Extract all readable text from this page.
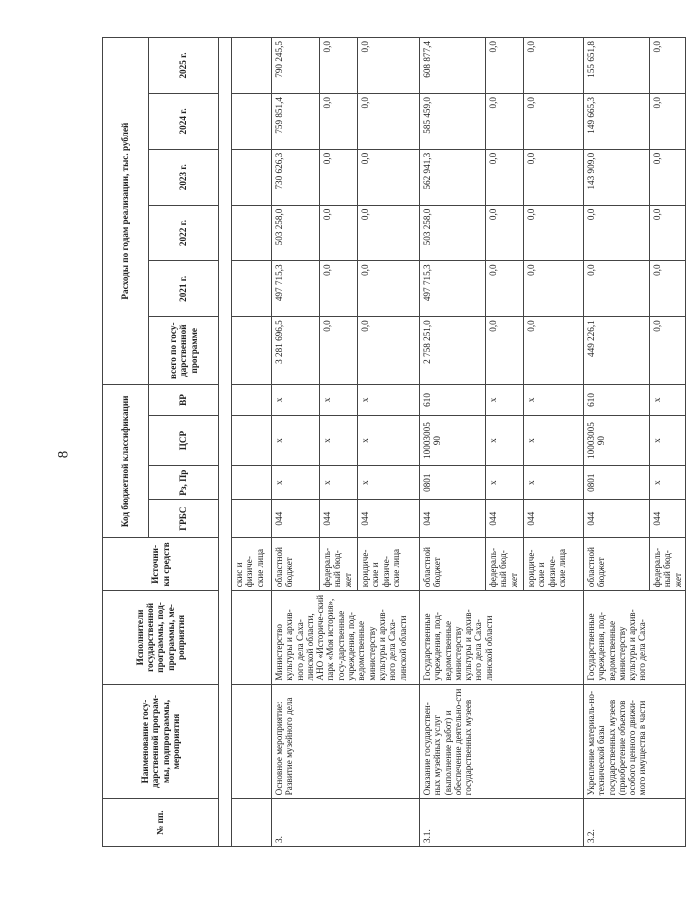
8
№ пп.	Наименование госу-дарственной програм-мы, подпрограммы, мероприятия	Исполнители государственной программы, под-программы, ме-роприятия	Источни-ки средств	Код бюджетной классификации				Расходы по годам реализации, тыс. рублей					
				ГРБС	Рз, Пр	ЦСР	ВР	всего по госу-дарственной программе	2021 г.	2022 г.	2023 г.	2024 г.	2025 г.

			скис и физиче-ские лица										
3.	Основное мероприятие: Развитие музейного дела	Министерство культуры и архив-ного дела Саха-линской области, АНО «Историче-ский парк «Моя история», госу-дарственные учреждения, под-ведомственные министерству культуры и архив-ного дела Саха-линской области	областной бюджет	044	x	x	x	3 281 696,5	497 715,3	503 258,0	730 626,3	759 851,4	790 245,5
			федераль-ный бюд-жет	044	x	x	x	0,0	0,0	0,0	0,0	0,0	0,0
			юридиче-ские и физиче-ские лица	044	x	x	x	0,0	0,0	0,0	0,0	0,0	0,0
3.1.	Оказание государствен-ных музейных услуг (выполнение работ) и обеспечение деятельно-сти государственных музеев	Государственные учреждения, под-ведомственные министерству культуры и архив-ного дела Саха-линской области	областной бюджет	044	0801	10003005 90	610	2 758 251,0	497 715,3	503 258,0	562 941,3	585 459,0	608 877,4
			федераль-ный бюд-жет	044	x	x	x	0,0	0,0	0,0	0,0	0,0	0,0
			юридиче-ские и физиче-ские лица	044	x	x	x	0,0	0,0	0,0	0,0	0,0	0,0
3.2.	Укрепление материаль-но-технической базы государственных музеев (приобретение объектов особого ценного движи-мого имущества в части	Государственные учреждения, под-ведомственные министерству культуры и архив-ного дела Саха-	областной бюджет	044	0801	10003005 90	610	449 226,1	0,0	0,0	143 909,0	149 665,3	155 651,8
			федераль-ный бюд-жет	044	x	x	x	0,0	0,0	0,0	0,0	0,0	0,0
